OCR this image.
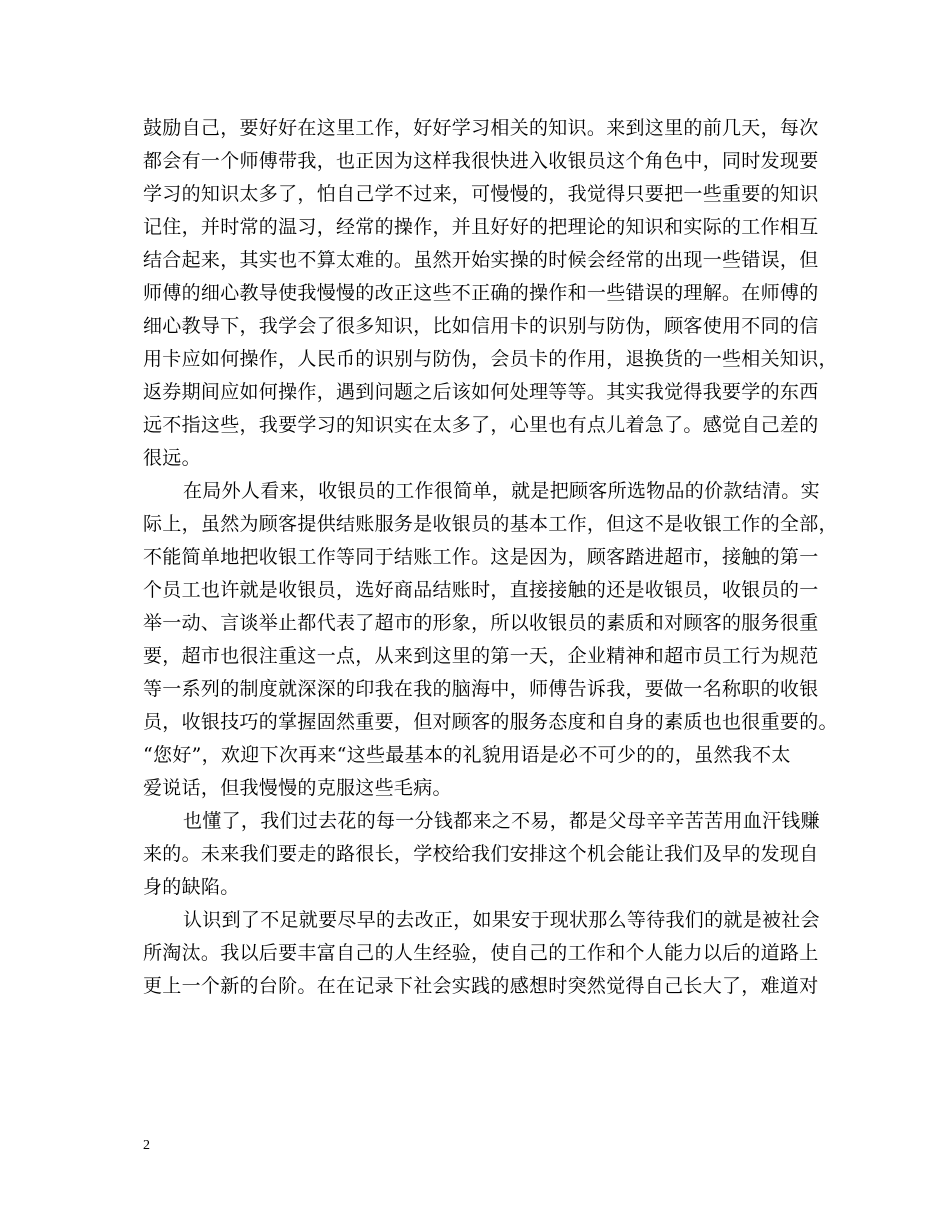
鼓励自己，要好好在这里工作，好好学习相关的知识。来到这里的前几天，每次
都会有一个师傅带我，也正因为这样我很快进入收银员这个角色中，同时发现要
学习的知识太多了，怕自己学不过来，可慢慢的，我觉得只要把一些重要的知识
记住，并时常的温习，经常的操作，并且好好的把理论的知识和实际的工作相互
结合起来，其实也不算太难的。虽然开始实操的时候会经常的出现一些错误，但
师傅的细心教导使我慢慢的改正这些不正确的操作和一些错误的理解。在师傅的
细心教导下，我学会了很多知识，比如信用卡的识别与防伪，顾客使用不同的信
用卡应如何操作，人民币的识别与防伪，会员卡的作用，退换货的一些相关知识，
返券期间应如何操作，遇到问题之后该如何处理等等。其实我觉得我要学的东西
远不指这些，我要学习的知识实在太多了，心里也有点儿着急了。感觉自己差的
很远。
在局外人看来，收银员的工作很简单，就是把顾客所选物品的价款结清。实
际上，虽然为顾客提供结账服务是收银员的基本工作，但这不是收银工作的全部，
不能简单地把收银工作等同于结账工作。这是因为，顾客踏进超市，接触的第一
个员工也许就是收银员，选好商品结账时，直接接触的还是收银员，收银员的一
举一动、言谈举止都代表了超市的形象，所以收银员的素质和对顾客的服务很重
要，超市也很注重这一点，从来到这里的第一天，企业精神和超市员工行为规范
等一系列的制度就深深的印我在我的脑海中，师傅告诉我，要做一名称职的收银
员，收银技巧的掌握固然重要，但对顾客的服务态度和自身的素质也也很重要的。
“您好”，欢迎下次再来“这些最基本的礼貌用语是必不可少的的，虽然我不太
爱说话，但我慢慢的克服这些毛病。
也懂了，我们过去花的每一分钱都来之不易，都是父母辛辛苦苦用血汗钱赚
来的。未来我们要走的路很长，学校给我们安排这个机会能让我们及早的发现自
身的缺陷。
认识到了不足就要尽早的去改正，如果安于现状那么等待我们的就是被社会
所淘汰。我以后要丰富自己的人生经验，使自己的工作和个人能力以后的道路上
更上一个新的台阶。在在记录下社会实践的感想时突然觉得自己长大了，难道对
2
